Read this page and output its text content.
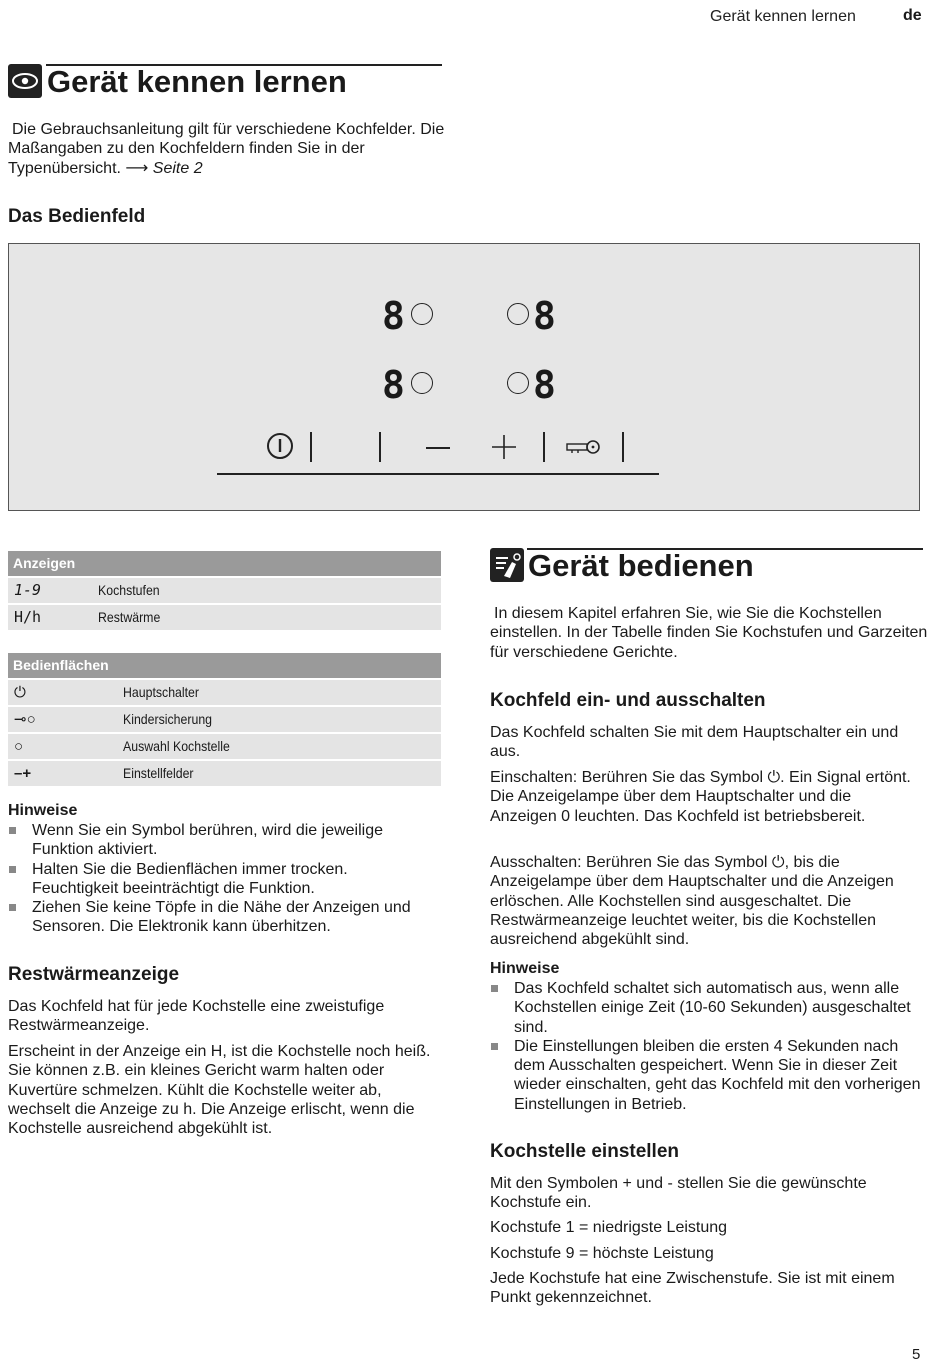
Gerät kennen lernen	de
Gerät kennen lernen
Die Gebrauchsanleitung gilt für verschiedene Kochfelder. Die Maßangaben zu den Kochfeldern finden Sie in der Typenübersicht. ⟶ Seite 2
Das Bedienfeld
8	8
8	8
Anzeigen
1-9	Kochstufen
H/h	Restwärme
Bedienflächen
⏻	Hauptschalter
⊸○	Kindersicherung
○	Auswahl Kochstelle
–+	Einstellfelder
Hinweise
Wenn Sie ein Symbol berühren, wird die jeweilige Funktion aktiviert.
Halten Sie die Bedienflächen immer trocken. Feuchtigkeit beeinträchtigt die Funktion.
Ziehen Sie keine Töpfe in die Nähe der Anzeigen und Sensoren. Die Elektronik kann überhitzen.
Restwärmeanzeige
Das Kochfeld hat für jede Kochstelle eine zweistufige Restwärmeanzeige.
Erscheint in der Anzeige ein H, ist die Kochstelle noch heiß. Sie können z.B. ein kleines Gericht warm halten oder Kuvertüre schmelzen. Kühlt die Kochstelle weiter ab, wechselt die Anzeige zu h. Die Anzeige erlischt, wenn die Kochstelle ausreichend abgekühlt ist.
Gerät bedienen
In diesem Kapitel erfahren Sie, wie Sie die Kochstellen einstellen. In der Tabelle finden Sie Kochstufen und Garzeiten für verschiedene Gerichte.
Kochfeld ein- und ausschalten
Das Kochfeld schalten Sie mit dem Hauptschalter ein und aus.
Einschalten: Berühren Sie das Symbol ⏻. Ein Signal ertönt. Die Anzeigelampe über dem Hauptschalter und die Anzeigen 0 leuchten. Das Kochfeld ist betriebsbereit.
Ausschalten: Berühren Sie das Symbol ⏻, bis die Anzeigelampe über dem Hauptschalter und die Anzeigen erlöschen. Alle Kochstellen sind ausgeschaltet. Die Restwärmeanzeige leuchtet weiter, bis die Kochstellen ausreichend abgekühlt sind.
Hinweise
Das Kochfeld schaltet sich automatisch aus, wenn alle Kochstellen einige Zeit (10-60 Sekunden) ausgeschaltet sind.
Die Einstellungen bleiben die ersten 4 Sekunden nach dem Ausschalten gespeichert. Wenn Sie in dieser Zeit wieder einschalten, geht das Kochfeld mit den vorherigen Einstellungen in Betrieb.
Kochstelle einstellen
Mit den Symbolen + und - stellen Sie die gewünschte Kochstufe ein.
Kochstufe 1 = niedrigste Leistung
Kochstufe 9 = höchste Leistung
Jede Kochstufe hat eine Zwischenstufe. Sie ist mit einem Punkt gekennzeichnet.
5
